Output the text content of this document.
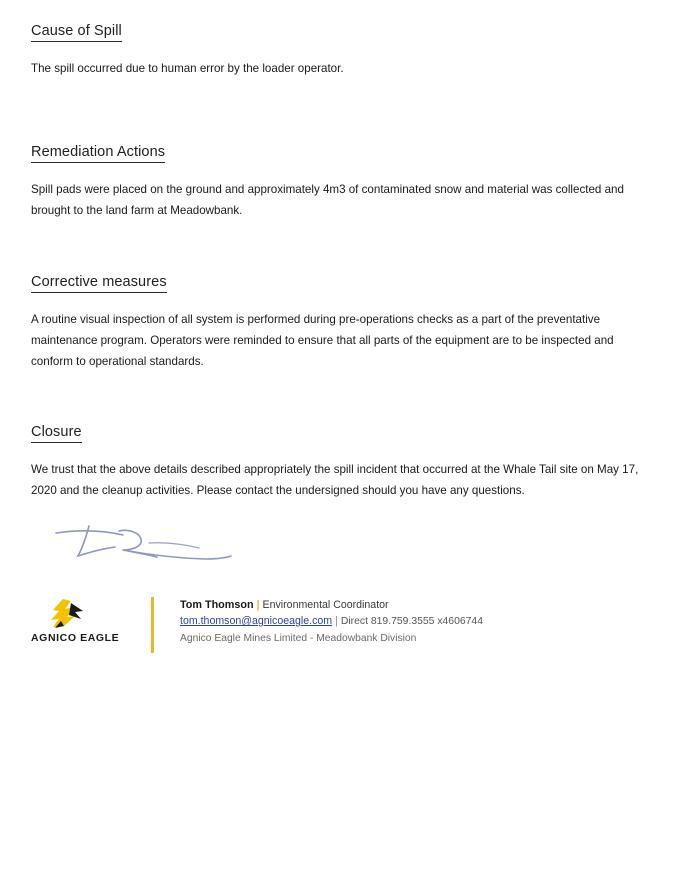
Cause of Spill

The spill occurred due to human error by the loader operator.

Remediation Actions

Spill pads were placed on the ground and approximately 4m3 of contaminated snow and material was collected and brought to the land farm at Meadowbank.

Corrective measures

A routine visual inspection of all system is performed during pre-operations checks as a part of the preventative maintenance program. Operators were reminded to ensure that all parts of the equipment are to be inspected and conform to operational standards.

Closure

We trust that the above details described appropriately the spill incident that occurred at the Whale Tail site on May 17, 2020 and the cleanup activities. Please contact the undersigned should you have any questions.

AGNICO EAGLE
Tom Thomson | Environmental Coordinator
tom.thomson@agnicoeagle.com | Direct 819.759.3555 x4606744
Agnico Eagle Mines Limited - Meadowbank Division
